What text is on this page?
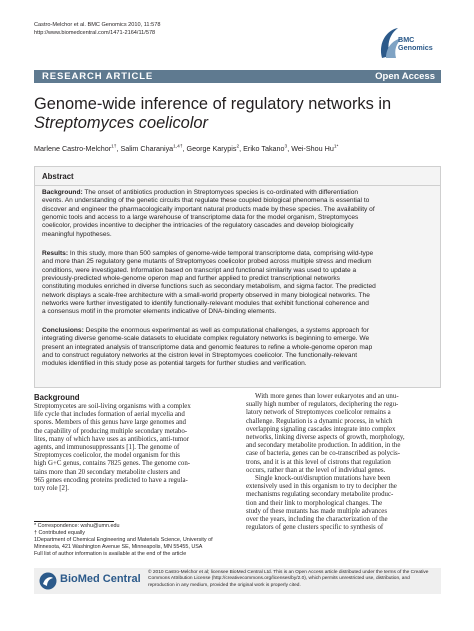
Castro-Melchor et al. BMC Genomics 2010, 11:578
http://www.biomedcentral.com/1471-2164/11/578
BMC
Genomics
RESEARCH ARTICLE	Open Access
Genome-wide inference of regulatory networks in
Streptomyces coelicolor
Marlene Castro-Melchor$^{1\dagger}$, Salim Charaniya$^{1,4\dagger}$, George Karypis$^2$, Eriko Takano$^3$, Wei-Shou $Hu^{1*}$
Abstract
Background: The onset of antibiotics production in Streptomyces species is co-ordinated with differentiation
events. An understanding of the genetic circuits that regulate these coupled biological phenomena is essential to
discover and engineer the pharmacologically important natural products made by these species. The availability of
genomic tools and access to a large warehouse of transcriptome data for the model organism, Streptomyces
coelicolor, provides incentive to decipher the intricacies of the regulatory cascades and develop biologically
meaningful hypotheses.
Results: In this study, more than 500 samples of genome-wide temporal transcriptome data, comprising wild-type
and more than 25 regulatory gene mutants of Streptomyces coelicolor probed across multiple stress and medium
conditions, were investigated. Information based on transcript and functional similarity was used to update a
previously-predicted whole-genome operon map and further applied to predict transcriptional networks
constituting modules enriched in diverse functions such as secondary metabolism, and sigma factor. The predicted
network displays a scale-free architecture with a small-world property observed in many biological networks. The
networks were further investigated to identify functionally-relevant modules that exhibit functional coherence and
a consensus motif in the promoter elements indicative of DNA-binding elements.
Conclusions: Despite the enormous experimental as well as computational challenges, a systems approach for
integrating diverse genome-scale datasets to elucidate complex regulatory networks is beginning to emerge. We
present an integrated analysis of transcriptome data and genomic features to refine a whole-genome operon map
and to construct regulatory networks at the cistron level in Streptomyces coelicolor. The functionally-relevant
modules identified in this study pose as potential targets for further studies and verification.
Background
Streptomycetes are soil-living organisms with a complex
life cycle that includes formation of aerial mycelia and
spores. Members of this genus have large genomes and
the capability of producing multiple secondary metabo-
lites, many of which have uses as antibiotics, anti-tumor
agents, and immunosuppressants [1]. The genome of
Streptomyces coelicolor, the model organism for this
high G+C genus, contains 7825 genes. The genome con-
tains more than 20 secondary metabolite clusters and
965 genes encoding proteins predicted to have a regula-
tory role [2].
With more genes than lower eukaryotes and an unu-
sually high number of regulators, deciphering the regu-
latory network of Streptomyces coelicolor remains a
challenge. Regulation is a dynamic process, in which
overlapping signaling cascades integrate into complex
networks, linking diverse aspects of growth, morphology,
and secondary metabolite production. In addition, in the
case of bacteria, genes can be co-transcribed as polycis-
trons, and it is at this level of cistrons that regulation
occurs, rather than at the level of individual genes.
Single knock-out/disruption mutations have been
extensively used in this organism to try to decipher the
mechanisms regulating secondary metabolite produc-
tion and their link to morphological changes. The
study of these mutants has made multiple advances
over the years, including the characterization of the
regulators of gene clusters specific to synthesis of
* Correspondence: wshu@umn.edu
† Contributed equally
1Department of Chemical Engineering and Materials Science, University of
Minnesota, 421 Washington Avenue SE, Minneapolis, MN 55455, USA
Full list of author information is available at the end of the article
BioMed Central
© 2010 Castro-Melchor et al; licensee BioMed Central Ltd. This is an Open Access article distributed under the terms of the Creative
Commons Attribution License (http://creativecommons.org/licenses/by/2.0), which permits unrestricted use, distribution, and
reproduction in any medium, provided the original work is properly cited.
